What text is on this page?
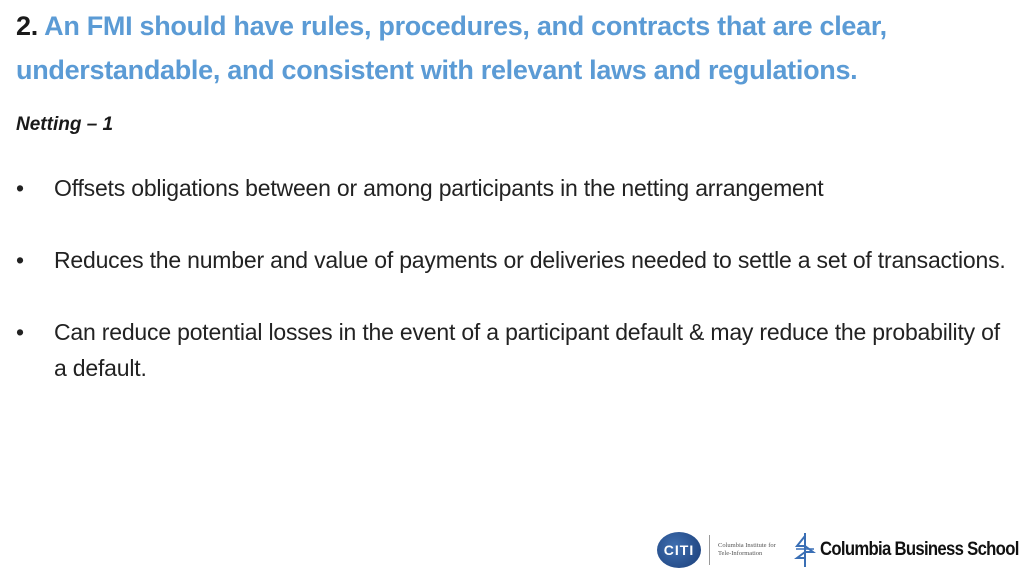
2. An FMI should have rules, procedures, and contracts that are clear, understandable, and consistent with relevant laws and regulations.

Netting – 1

•	Offsets obligations between or among participants in the netting arrangement
•	Reduces the number and value of payments or deliveries needed to settle a set of transactions.
•	Can reduce potential losses in the event of a participant default & may reduce the probability of a default.
CITI	Columbia Institute for Tele-Information	Columbia Business School
